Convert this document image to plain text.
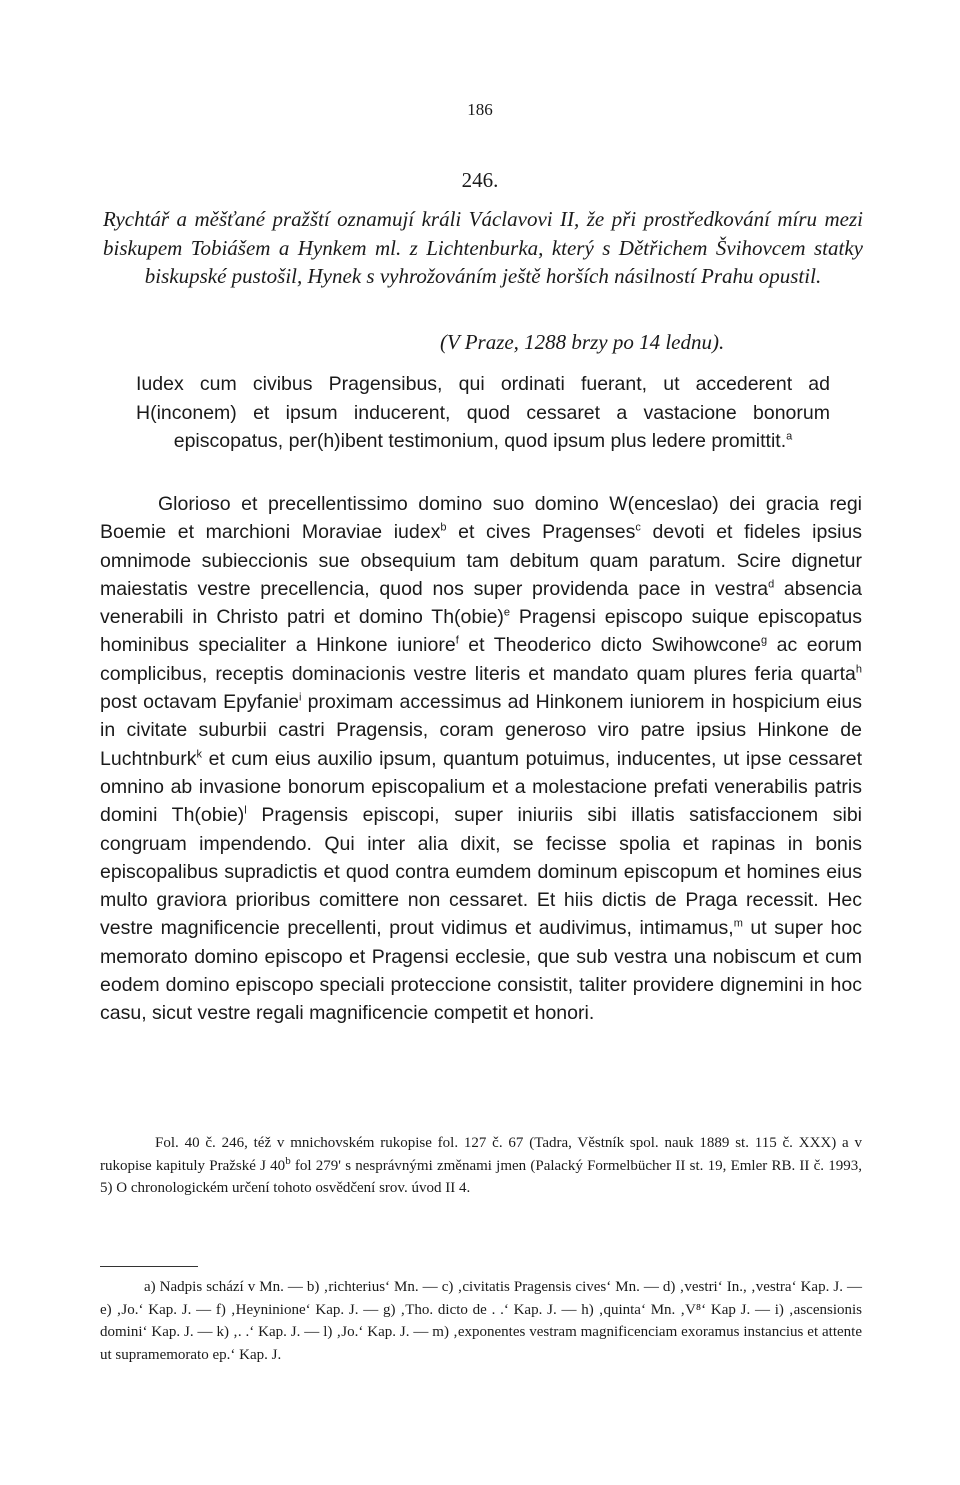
186
246.
Rychtář a měšťané pražští oznamují králi Václavovi II, že při prostředkování míru mezi biskupem Tobiášem a Hynkem ml. z Lichtenburka, který s Dětřichem Švihovcem statky biskupské pustošil, Hynek s vyhrožováním ještě horších násilností Prahu opustil.
(V Praze, 1288 brzy po 14 lednu).
Iudex cum civibus Pragensibus, qui ordinati fuerant, ut accederent ad H(inconem) et ipsum inducerent, quod cessaret a vastacione bonorum episcopatus, per(h)ibent testimonium, quod ipsum plus ledere promittit.$^a$
Glorioso et precellentissimo domino suo domino W(enceslao) dei gracia regi Boemie et marchioni Moraviae iudex$^b$ et cives Pragenses$^c$ devoti et fideles ipsius omnimode subieccionis sue obsequium tam debitum quam paratum. Scire dignetur maiestatis vestre precellencia, quod nos super providenda pace in vestra$^d$ absencia venerabili in Christo patri et domino Th(obie)$^e$ Pragensi episcopo suique episcopatus hominibus specialiter a Hinkone iuniore$^f$ et Theoderico dicto Swihowcone$^g$ ac eorum complicibus, receptis dominacionis vestre literis et mandato quam plures feria quarta$^h$ post octavam Epyfanie$^i$ proximam accessimus ad Hinkonem iuniorem in hospicium eius in civitate suburbii castri Pragensis, coram generoso viro patre ipsius Hinkone de Luchtnburk$^k$ et cum eius auxilio ipsum, quantum potuimus, inducentes, ut ipse cessaret omnino ab invasione bonorum episcopalium et a molestacione prefati venerabilis patris domini Th(obie)$^l$ Pragensis episcopi, super iniuriis sibi illatis satisfaccionem sibi congruam impendendo. Qui inter alia dixit, se fecisse spolia et rapinas in bonis episcopalibus supradictis et quod contra eumdem dominum episcopum et homines eius multo graviora prioribus comittere non cessaret. Et hiis dictis de Praga recessit. Hec vestre magnificencie precellenti, prout vidimus et audivimus, intimamus,$^m$ ut super hoc memorato domino episcopo et Pragensi ecclesie, que sub vestra una nobiscum et cum eodem domino episcopo speciali proteccione consistit, taliter providere dignemini in hoc casu, sicut vestre regali magnificencie competit et honori.
Fol. 40 č. 246, též v mnichovském rukopise fol. 127 č. 67 (Tadra, Věstník spol. nauk 1889 st. 115 č. XXX) a v rukopise kapituly Pražské J 40$^b$ fol 279' s nesprávnými změnami jmen (Palacký Formelbücher II st. 19, Emler RB. II č. 1993, 5) O chronologickém určení tohoto osvědčení srov. úvod II 4.
a) Nadpis schází v Mn. — b) ‚richterius‘ Mn. — c) ‚civitatis Pragensis cives‘ Mn. — d) ‚vestri‘ In., ‚vestra‘ Kap. J. — e) ‚Jo.‘ Kap. J. — f) ‚Heyninione‘ Kap. J. — g) ‚Tho. dicto de . .‘ Kap. J. — h) ‚quinta‘ Mn. ‚V⁸‘ Kap J. — i) ‚ascensionis domini‘ Kap. J. — k) ‚. .‘ Kap. J. — l) ‚Jo.‘ Kap. J. — m) ‚exponentes vestram magnificenciam exoramus instancius et attente ut supramemorato ep.‘ Kap. J.
